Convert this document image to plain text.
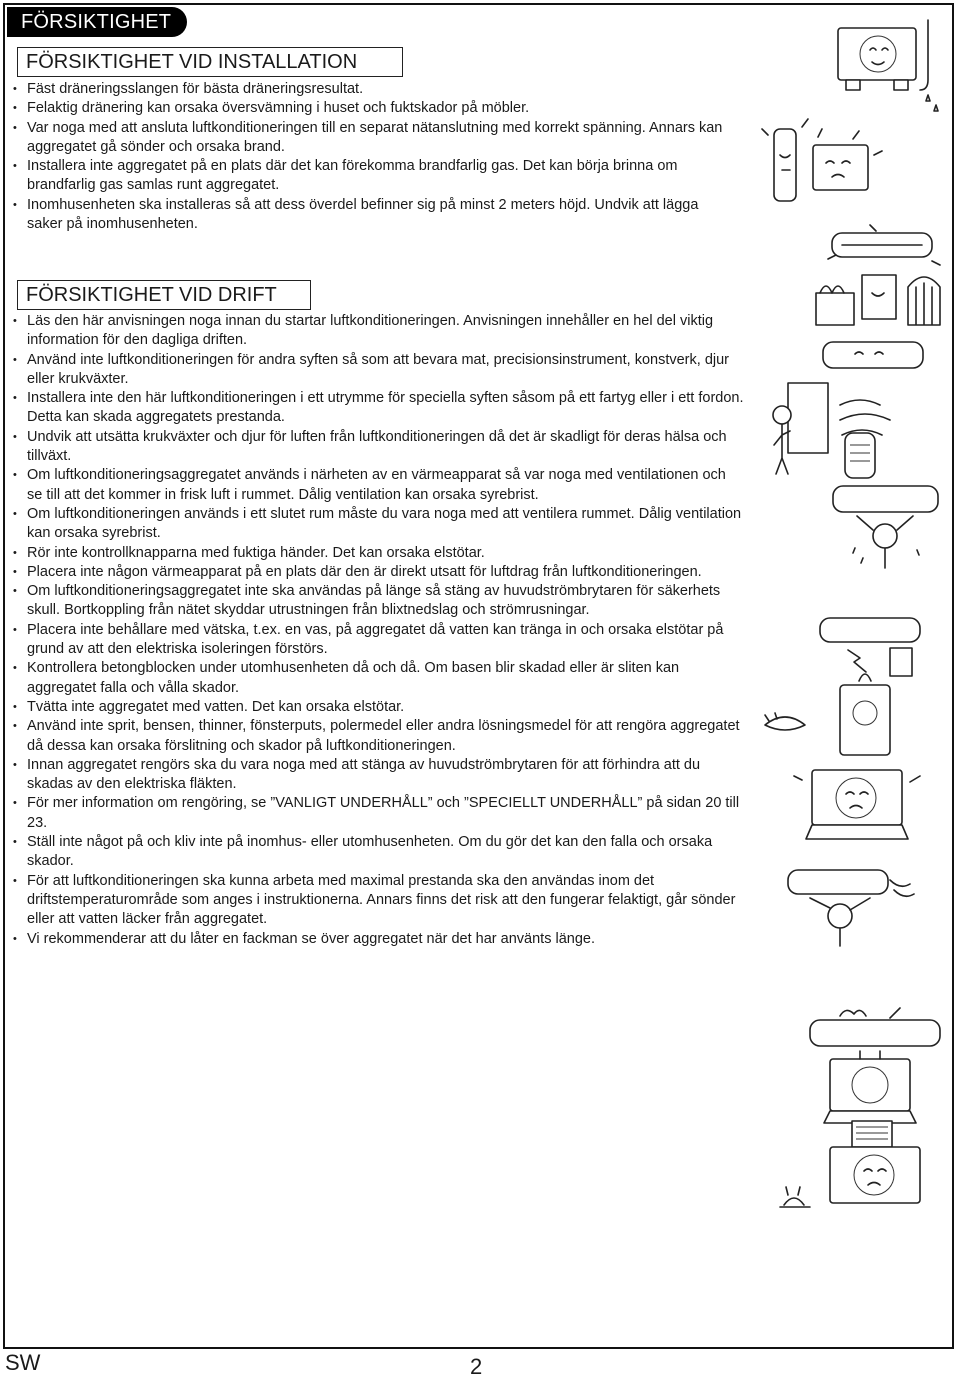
FÖRSIKTIGHET
FÖRSIKTIGHET VID INSTALLATION
• Fäst dräneringsslangen för bästa dräneringsresultat.
• Felaktig dränering kan orsaka översvämning i huset och fuktskador på möbler.
• Var noga med att ansluta luftkonditioneringen till en separat nätanslutning med korrekt spänning. Annars kan aggregatet gå sönder och orsaka brand.
• Installera inte aggregatet på en plats där det kan förekomma brandfarlig gas. Det kan börja brinna om brandfarlig gas samlas runt aggregatet.
• Inomhusenheten ska installeras så att dess överdel befinner sig på minst 2 meters höjd. Undvik att lägga saker på inomhusenheten.
FÖRSIKTIGHET VID DRIFT
• Läs den här anvisningen noga innan du startar luftkonditioneringen. Anvisningen innehåller en hel del viktig information för den dagliga driften.
• Använd inte luftkonditioneringen för andra syften så som att bevara mat, precisionsinstrument, konstverk, djur eller krukväxter.
• Installera inte den här luftkonditioneringen i ett utrymme för speciella syften såsom på ett fartyg eller i ett fordon. Detta kan skada aggregatets prestanda.
• Undvik att utsätta krukväxter och djur för luften från luftkonditioneringen då det är skadligt för deras hälsa och tillväxt.
• Om luftkonditioneringsaggregatet används i närheten av en värmeapparat så var noga med ventilationen och se till att det kommer in frisk luft i rummet. Dålig ventilation kan orsaka syrebrist.
• Om luftkonditioneringen används i ett slutet rum måste du vara noga med att ventilera rummet. Dålig ventilation kan orsaka syrebrist.
• Rör inte kontrollknapparna med fuktiga händer. Det kan orsaka elstötar.
• Placera inte någon värmeapparat på en plats där den är direkt utsatt för luftdrag från luftkonditioneringen.
• Om luftkonditioneringsaggregatet inte ska användas på länge så stäng av huvudströmbrytaren för säkerhets skull. Bortkoppling från nätet skyddar utrustningen från blixtnedslag och strömrusningar.
• Placera inte behållare med vätska, t.ex. en vas, på aggregatet då vatten kan tränga in och orsaka elstötar på grund av att den elektriska isoleringen förstörs.
• Kontrollera betongblocken under utomhusenheten då och då. Om basen blir skadad eller är sliten kan aggregatet falla och vålla skador.
• Tvätta inte aggregatet med vatten. Det kan orsaka elstötar.
• Använd inte sprit, bensen, thinner, fönsterputs, polermedel eller andra lösningsmedel för att rengöra aggregatet då dessa kan orsaka förslitning och skador på luftkonditioneringen.
• Innan aggregatet rengörs ska du vara noga med att stänga av huvudströmbrytaren för att förhindra att du skadas av den elektriska fläkten.
• För mer information om rengöring, se ”VANLIGT UNDERHÅLL” och ”SPECIELLT UNDERHÅLL” på sidan 20 till 23.
• Ställ inte något på och kliv inte på inomhus- eller utomhusenheten. Om du gör det kan den falla och orsaka skador.
• För att luftkonditioneringen ska kunna arbeta med maximal prestanda ska den användas inom det driftstemperaturområde som anges i instruktionerna. Annars finns det risk att den fungerar felaktigt, går sönder eller att vatten läcker från aggregatet.
• Vi rekommenderar att du låter en fackman se över aggregatet när det har använts länge.
SW	2
